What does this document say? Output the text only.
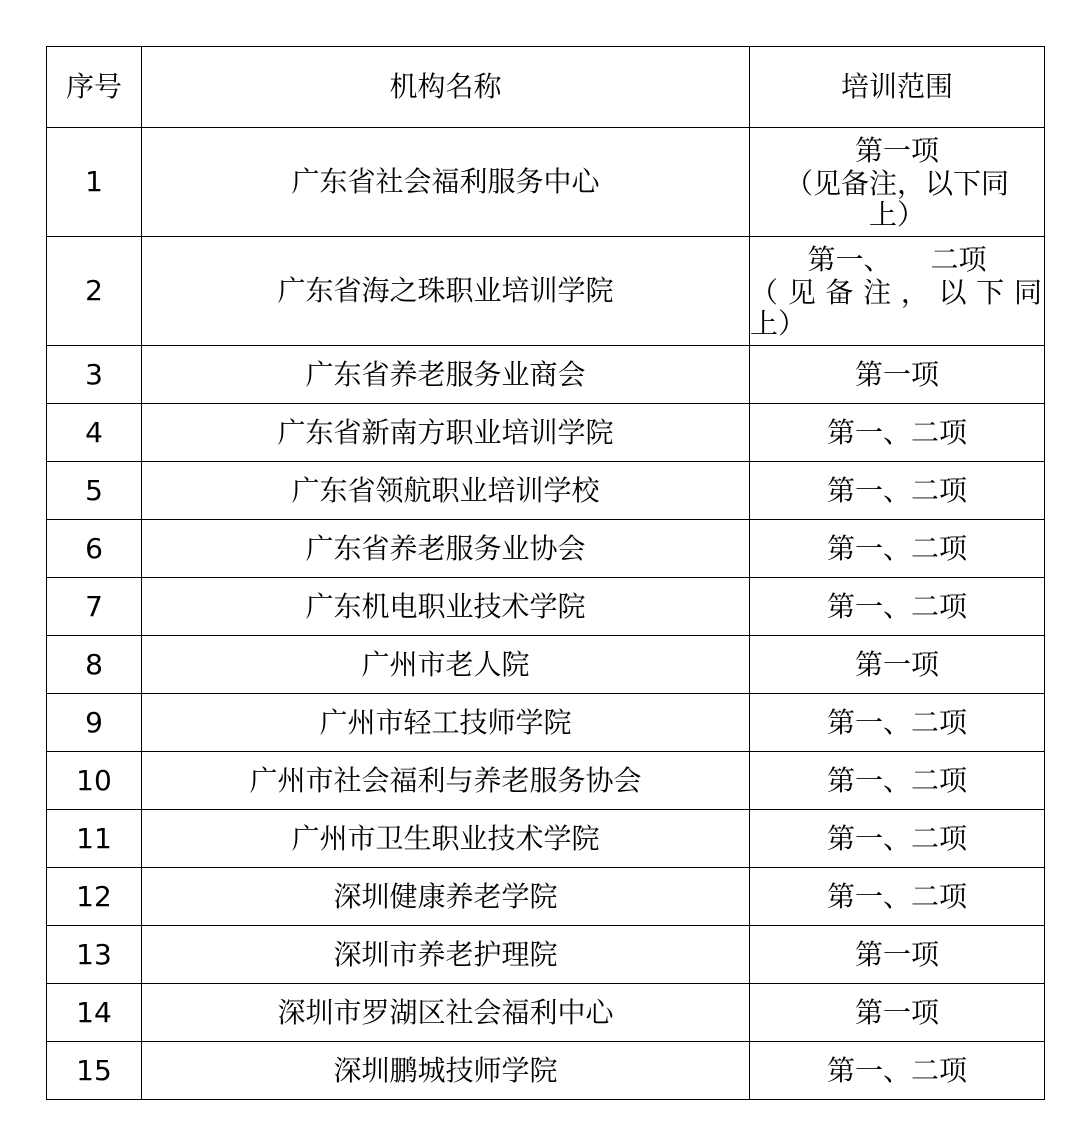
序号	机构名称	培训范围
1	广东省社会福利服务中心	第一项
（见备注，以下同
上）

2	广东省海之珠职业培训学院	第一、 二项
（见备注，以下同
上）

3	广东省养老服务业商会	第一项
4	广东省新南方职业培训学院	第一、二项
5	广东省领航职业培训学校	第一、二项
6	广东省养老服务业协会	第一、二项
7	广东机电职业技术学院	第一、二项
8	广州市老人院	第一项
9	广州市轻工技师学院	第一、二项
10	广州市社会福利与养老服务协会	第一、二项
11	广州市卫生职业技术学院	第一、二项
12	深圳健康养老学院	第一、二项
13	深圳市养老护理院	第一项
14	深圳市罗湖区社会福利中心	第一项
15	深圳鹏城技师学院	第一、二项
